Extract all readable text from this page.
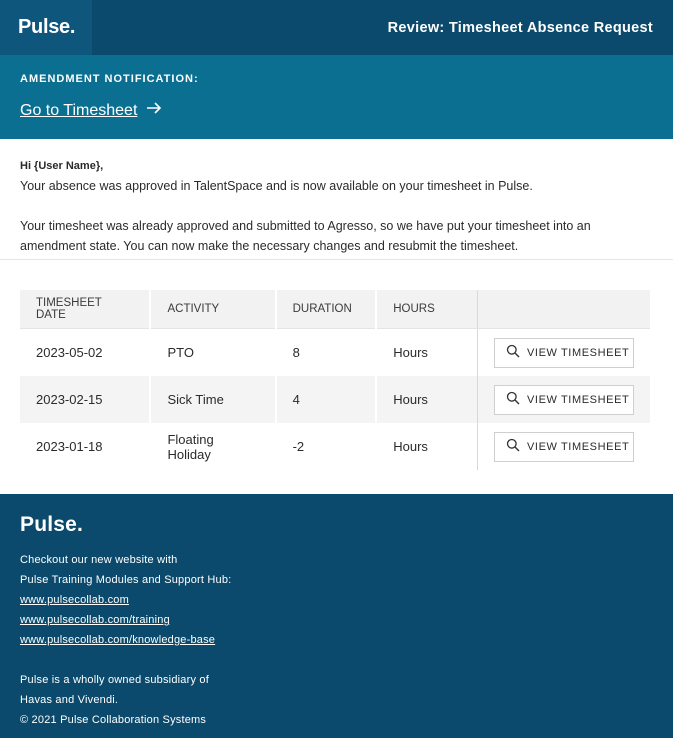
Pulse.	Review: Timesheet Absence Request
AMENDMENT NOTIFICATION:
Go to Timesheet
Hi {User Name},

Your absence was approved in TalentSpace and is now available on your timesheet in Pulse.

Your timesheet was already approved and submitted to Agresso, so we have put your timesheet into an amendment state. You can now make the necessary changes and resubmit the timesheet.

TIMESHEET DATE	ACTIVITY	DURATION	HOURS	
2023-05-02	PTO	8	Hours	VIEW TIMESHEET

2023-02-15	Sick Time	4	Hours	VIEW TIMESHEET

2023-01-18	Floating Holiday	-2	Hours	VIEW TIMESHEET
Pulse.
Checkout our new website with
Pulse Training Modules and Support Hub:
www.pulsecollab.com
www.pulsecollab.com/training
www.pulsecollab.com/knowledge-base
Pulse is a wholly owned subsidiary of
Havas and Vivendi.
© 2021 Pulse Collaboration Systems
